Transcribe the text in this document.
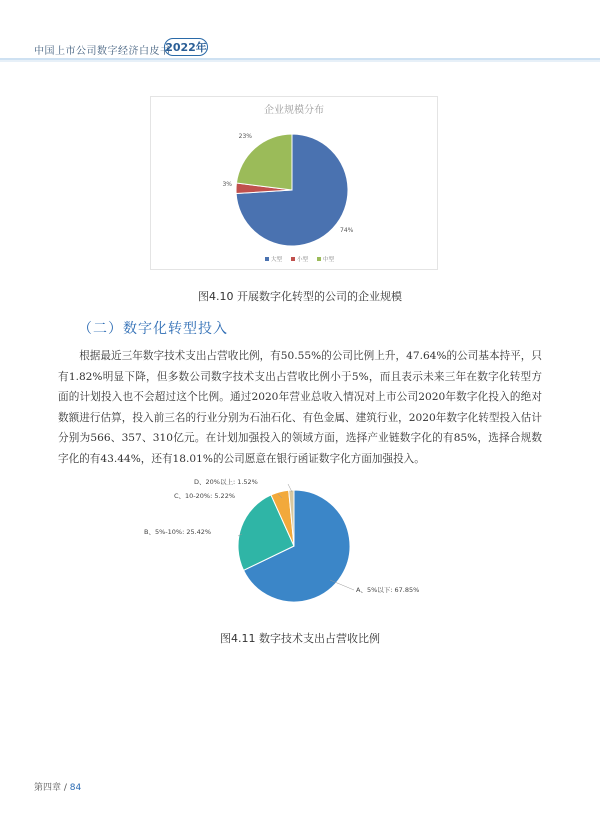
中国上市公司数字经济白皮书
2022年
企业规模分布
74%
3%
23%
大型	小型	中型
图4.10 开展数字化转型的公司的企业规模
（二）数字化转型投入
根据最近三年数字技术支出占营收比例，有50.55%的公司比例上升，47.64%的公司基本持平，只有1.82%明显下降，但多数公司数字技术支出占营收比例小于5%，而且表示未来三年在数字化转型方面的计划投入也不会超过这个比例。通过2020年营业总收入情况对上市公司2020年数字化投入的绝对数额进行估算，投入前三名的行业分别为石油石化、有色金属、建筑行业，2020年数字化转型投入估计分别为566、357、310亿元。在计划加强投入的领域方面，选择产业链数字化的有85%，选择合规数字化的有43.44%，还有18.01%的公司愿意在银行函证数字化方面加强投入。
A、5%以下: 67.85%
B、5%-10%: 25.42%
C、10-20%: 5.22%
D、20%以上: 1.52%
图4.11 数字技术支出占营收比例
第四章 / 84
